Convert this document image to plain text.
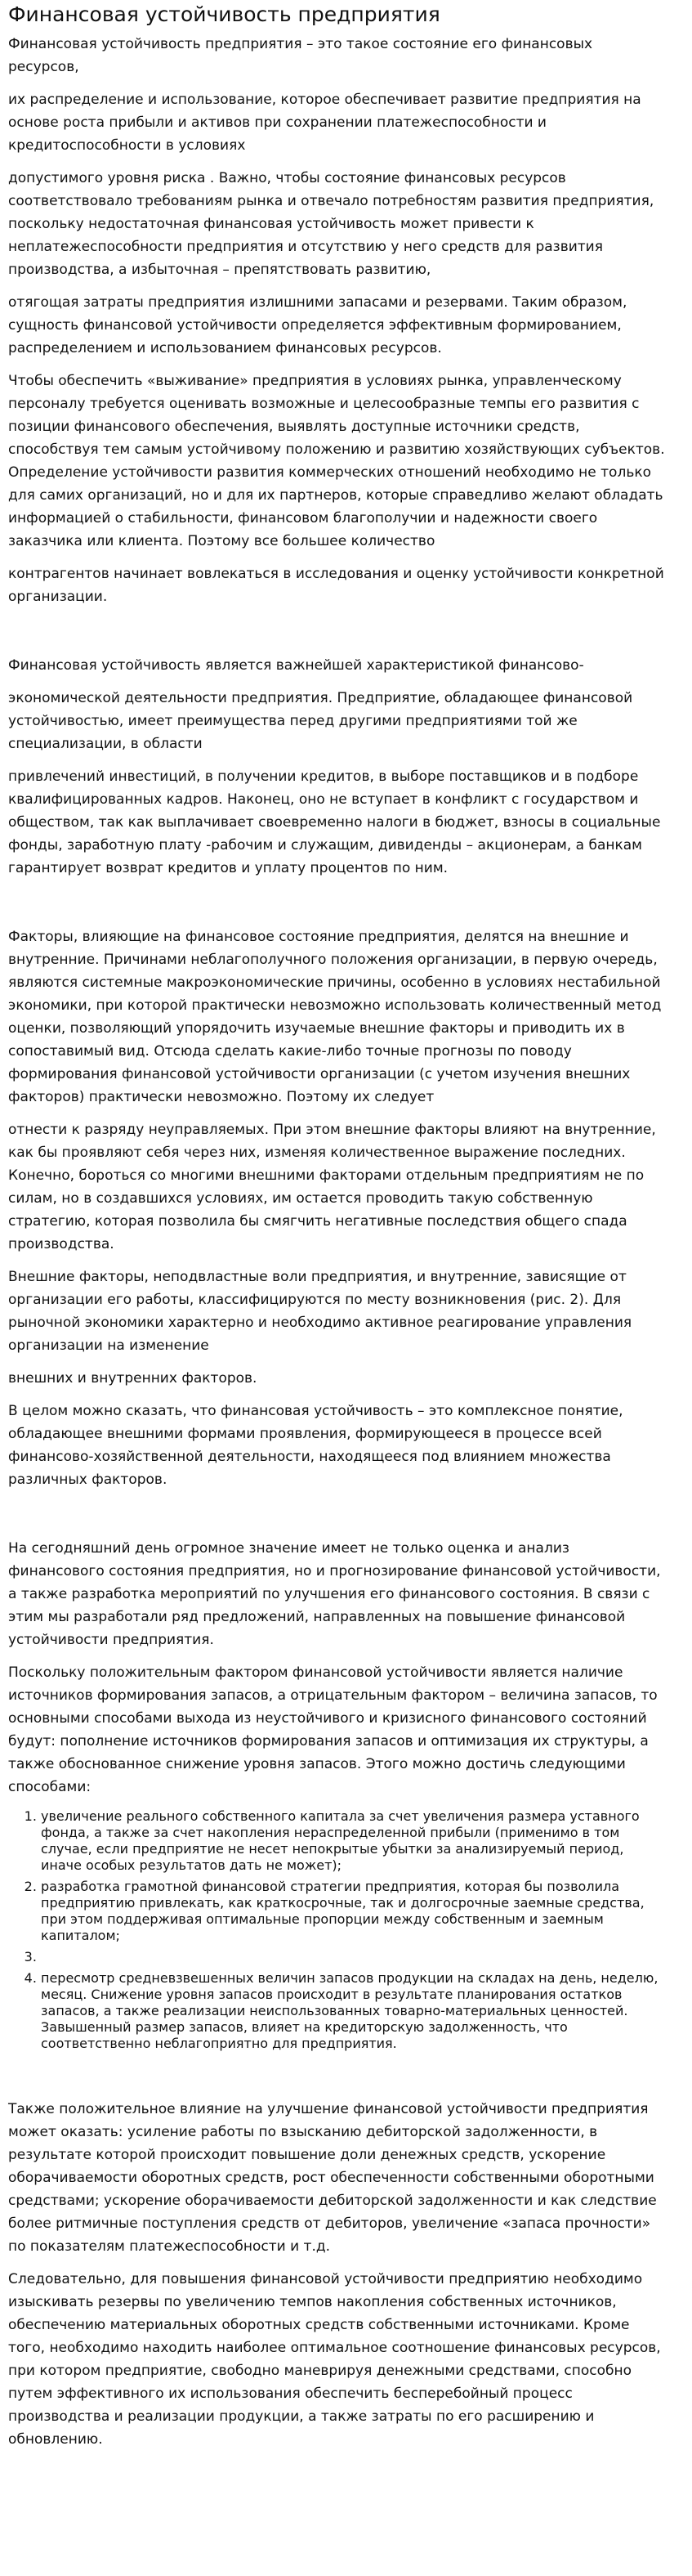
Финансовая устойчивость предприятия

Финансовая устойчивость предприятия – это такое состояние его финансовых ресурсов,

их распределение и использование, которое обеспечивает развитие предприятия на основе роста прибыли и активов при сохранении платежеспособности и кредитоспособности в условиях

допустимого уровня риска . Важно, чтобы состояние финансовых ресурсов соответствовало требованиям рынка и отвечало потребностям развития предприятия, поскольку недостаточная финансовая устойчивость может привести к неплатежеспособности предприятия и отсутствию у него средств для развития производства, а избыточная – препятствовать развитию,

отягощая затраты предприятия излишними запасами и резервами. Таким образом, сущность финансовой устойчивости определяется эффективным формированием, распределением и использованием финансовых ресурсов.

Чтобы обеспечить «выживание» предприятия в условиях рынка, управленческому персоналу требуется оценивать возможные и целесообразные темпы его развития с позиции финансового обеспечения, выявлять доступные источники средств, способствуя тем самым устойчивому положению и развитию хозяйствующих субъектов. Определение устойчивости развития коммерческих отношений необходимо не только для самих организаций, но и для их партнеров, которые справедливо желают обладать информацией о стабильности, финансовом благополучии и надежности своего заказчика или клиента. Поэтому все большее количество

контрагентов начинает вовлекаться в исследования и оценку устойчивости конкретной организации.

Финансовая устойчивость является важнейшей характеристикой финансово-

экономической деятельности предприятия. Предприятие, обладающее финансовой устойчивостью, имеет преимущества перед другими предприятиями той же специализации, в области

привлечений инвестиций, в получении кредитов, в выборе поставщиков и в подборе квалифицированных кадров. Наконец, оно не вступает в конфликт с государством и обществом, так как выплачивает своевременно налоги в бюджет, взносы в социальные фонды, заработную плату -рабочим и служащим, дивиденды – акционерам, а банкам гарантирует возврат кредитов и уплату процентов по ним.

Факторы, влияющие на финансовое состояние предприятия, делятся на внешние и внутренние. Причинами неблагополучного положения организации, в первую очередь, являются системные макроэкономические причины, особенно в условиях нестабильной экономики, при которой практически невозможно использовать количественный метод оценки, позволяющий упорядочить изучаемые внешние факторы и приводить их в сопоставимый вид. Отсюда сделать какие-либо точные прогнозы по поводу формирования финансовой устойчивости организации (с учетом изучения внешних факторов) практически невозможно. Поэтому их следует

отнести к разряду неуправляемых. При этом внешние факторы влияют на внутренние, как бы проявляют себя через них, изменяя количественное выражение последних. Конечно, бороться со многими внешними факторами отдельным предприятиям не по силам, но в создавшихся условиях, им остается проводить такую собственную стратегию, которая позволила бы смягчить негативные последствия общего спада производства.

Внешние факторы, неподвластные воли предприятия, и внутренние, зависящие от организации его работы, классифицируются по месту возникновения (рис. 2). Для рыночной экономики характерно и необходимо активное реагирование управления организации на изменение

внешних и внутренних факторов.

В целом можно сказать, что финансовая устойчивость – это комплексное понятие, обладающее внешними формами проявления, формирующееся в процессе всей финансово-хозяйственной деятельности, находящееся под влиянием множества различных факторов.

На сегодняшний день огромное значение имеет не только оценка и анализ финансового состояния предприятия, но и прогнозирование финансовой устойчивости, а также разработка мероприятий по улучшения его финансового состояния. В связи с этим мы разработали ряд предложений, направленных на повышение финансовой устойчивости предприятия.

Поскольку положительным фактором финансовой устойчивости является наличие источников формирования запасов, а отрицательным фактором – величина запасов, то основными способами выхода из неустойчивого и кризисного финансового состояний будут: пополнение источников формирования запасов и оптимизация их структуры, а также обоснованное снижение уровня запасов. Этого можно достичь следующими способами:

1. увеличение реального собственного капитала за счет увеличения размера уставного фонда, а также за счет накопления нераспределенной прибыли (применимо в том случае, если предприятие не несет непокрытые убытки за анализируемый период, иначе особых результатов дать не может);
2. разработка грамотной финансовой стратегии предприятия, которая бы позволила предприятию привлекать, как краткосрочные, так и долгосрочные заемные средства, при этом поддерживая оптимальные пропорции между собственным и заемным капиталом;
3.
4. пересмотр средневзвешенных величин запасов продукции на складах на день, неделю, месяц. Снижение уровня запасов происходит в результате планирования остатков запасов, а также реализации неиспользованных товарно-материальных ценностей. Завышенный размер запасов, влияет на кредиторскую задолженность, что соответственно неблагоприятно для предприятия.

Также положительное влияние на улучшение финансовой устойчивости предприятия может оказать: усиление работы по взысканию дебиторской задолженности, в результате которой происходит повышение доли денежных средств, ускорение оборачиваемости оборотных средств, рост обеспеченности собственными оборотными средствами; ускорение оборачиваемости дебиторской задолженности и как следствие более ритмичные поступления средств от дебиторов, увеличение «запаса прочности» по показателям платежеспособности и т.д.

Следовательно, для повышения финансовой устойчивости предприятию необходимо изыскивать резервы по увеличению темпов накопления собственных источников, обеспечению материальных оборотных средств собственными источниками. Кроме того, необходимо находить наиболее оптимальное соотношение финансовых ресурсов, при котором предприятие, свободно маневрируя денежными средствами, способно путем эффективного их использования обеспечить бесперебойный процесс производства и реализации продукции, а также затраты по его расширению и обновлению.
